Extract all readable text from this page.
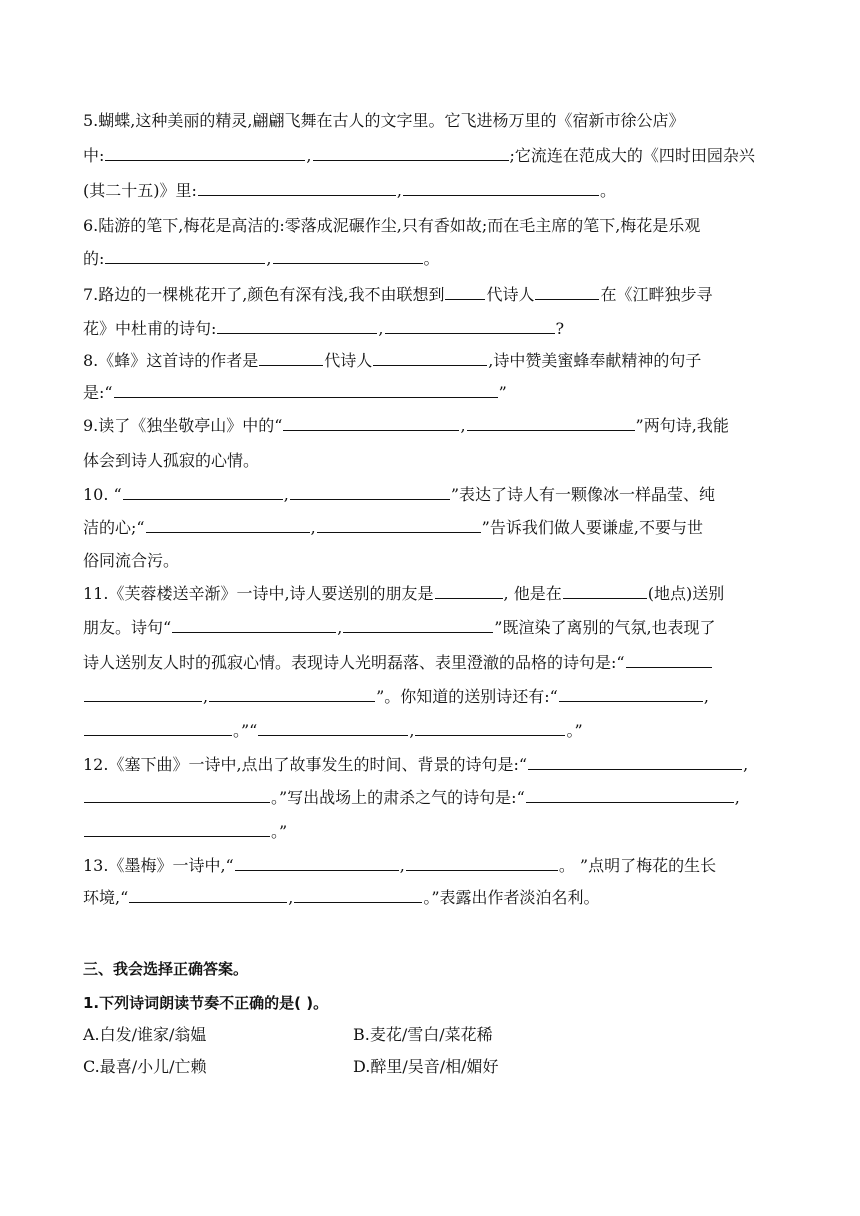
5.蝴蝶,这种美丽的精灵,翩翩飞舞在古人的文字里。它飞进杨万里的《宿新市徐公店》
中:	,	;它流连在范成大的《四时田园杂兴
(其二十五)》里:	,	。
6.陆游的笔下,梅花是高洁的:零落成泥碾作尘,只有香如故;而在毛主席的笔下,梅花是乐观
的:	,	。
7.路边的一棵桃花开了,颜色有深有浅,我不由联想到	代诗人	在《江畔独步寻
花》中杜甫的诗句:	,	?
8.《蜂》这首诗的作者是	代诗人	,诗中赞美蜜蜂奉献精神的句子
是:“	”
9.读了《独坐敬亭山》中的“	,	”两句诗,我能
体会到诗人孤寂的心情。
10. “	,	”表达了诗人有一颗像冰一样晶莹、纯
洁的心;“	,	”告诉我们做人要谦虚,不要与世
俗同流合污。
11.《芙蓉楼送辛渐》一诗中,诗人要送别的朋友是	, 他是在	(地点)送别
朋友。诗句“	,	”既渲染了离别的气氛,也表现了
诗人送别友人时的孤寂心情。表现诗人光明磊落、表里澄澈的品格的诗句是:“
,	”。你知道的送别诗还有:“	,
。”“	,	。”
12.《塞下曲》一诗中,点出了故事发生的时间、背景的诗句是:“	,
。”写出战场上的肃杀之气的诗句是:“	,
。”
13.《墨梅》一诗中,“	,	。 ”点明了梅花的生长
环境,“	,	。”表露出作者淡泊名利。
三、我会选择正确答案。
1.下列诗词朗读节奏不正确的是( )。
A.白发/谁家/翁媪	B.麦花/雪白/菜花稀
C.最喜/小儿/亡赖	D.醉里/吴音/相/媚好
